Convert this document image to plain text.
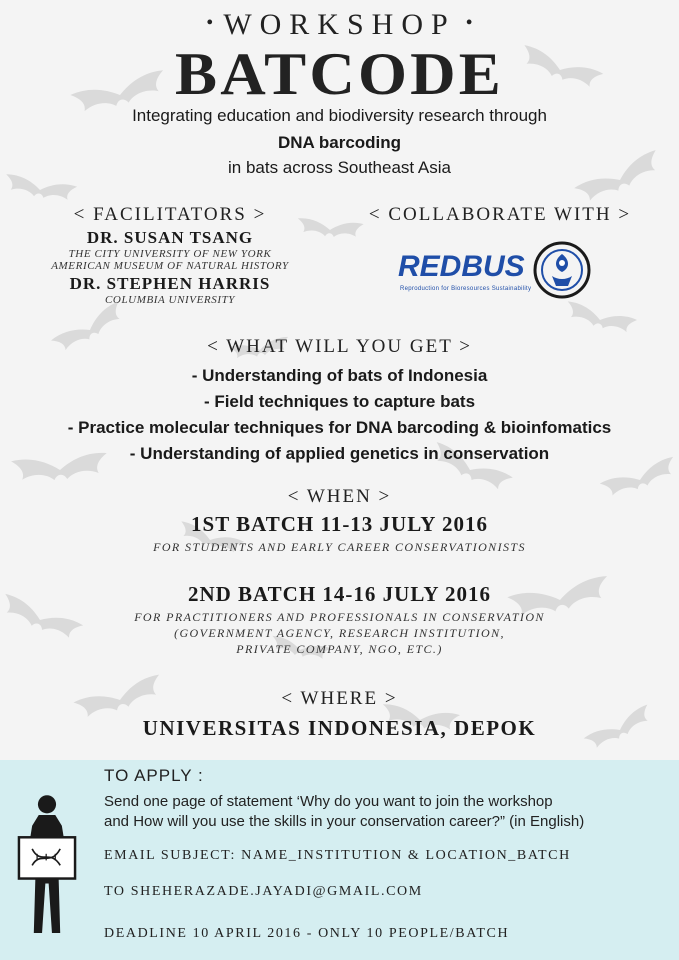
• WORKSHOP •
BATCODE
Integrating education and biodiversity research through
DNA barcoding
in bats across Southeast Asia
< FACILITATORS >
DR. SUSAN TSANG
THE CITY UNIVERSITY OF NEW YORK
AMERICAN MUSEUM OF NATURAL HISTORY
DR. STEPHEN HARRIS
COLUMBIA UNIVERSITY
< COLLABORATE WITH >
REDBUS
Reproduction for Bioresources Sustainability
< WHAT WILL YOU GET >
- Understanding of bats of Indonesia
- Field techniques to capture bats
- Practice molecular techniques for DNA barcoding & bioinfomatics
- Understanding of applied genetics in conservation
< WHEN >
1ST BATCH 11-13 JULY 2016
FOR STUDENTS AND EARLY CAREER CONSERVATIONISTS
2ND BATCH 14-16 JULY 2016
FOR PRACTITIONERS AND PROFESSIONALS IN CONSERVATION
(GOVERNMENT AGENCY, RESEARCH INSTITUTION,
PRIVATE COMPANY, NGO, ETC.)
< WHERE >
UNIVERSITAS INDONESIA, DEPOK
TO APPLY :
Send one page of statement ‘Why do you want to join the workshop
and How will you use the skills in your conservation career?” (in English)
EMAIL SUBJECT: NAME_INSTITUTION & LOCATION_BATCH
TO SHEHERAZADE.JAYADI@GMAIL.COM
DEADLINE 10 APRIL 2016 - ONLY 10 PEOPLE/BATCH
